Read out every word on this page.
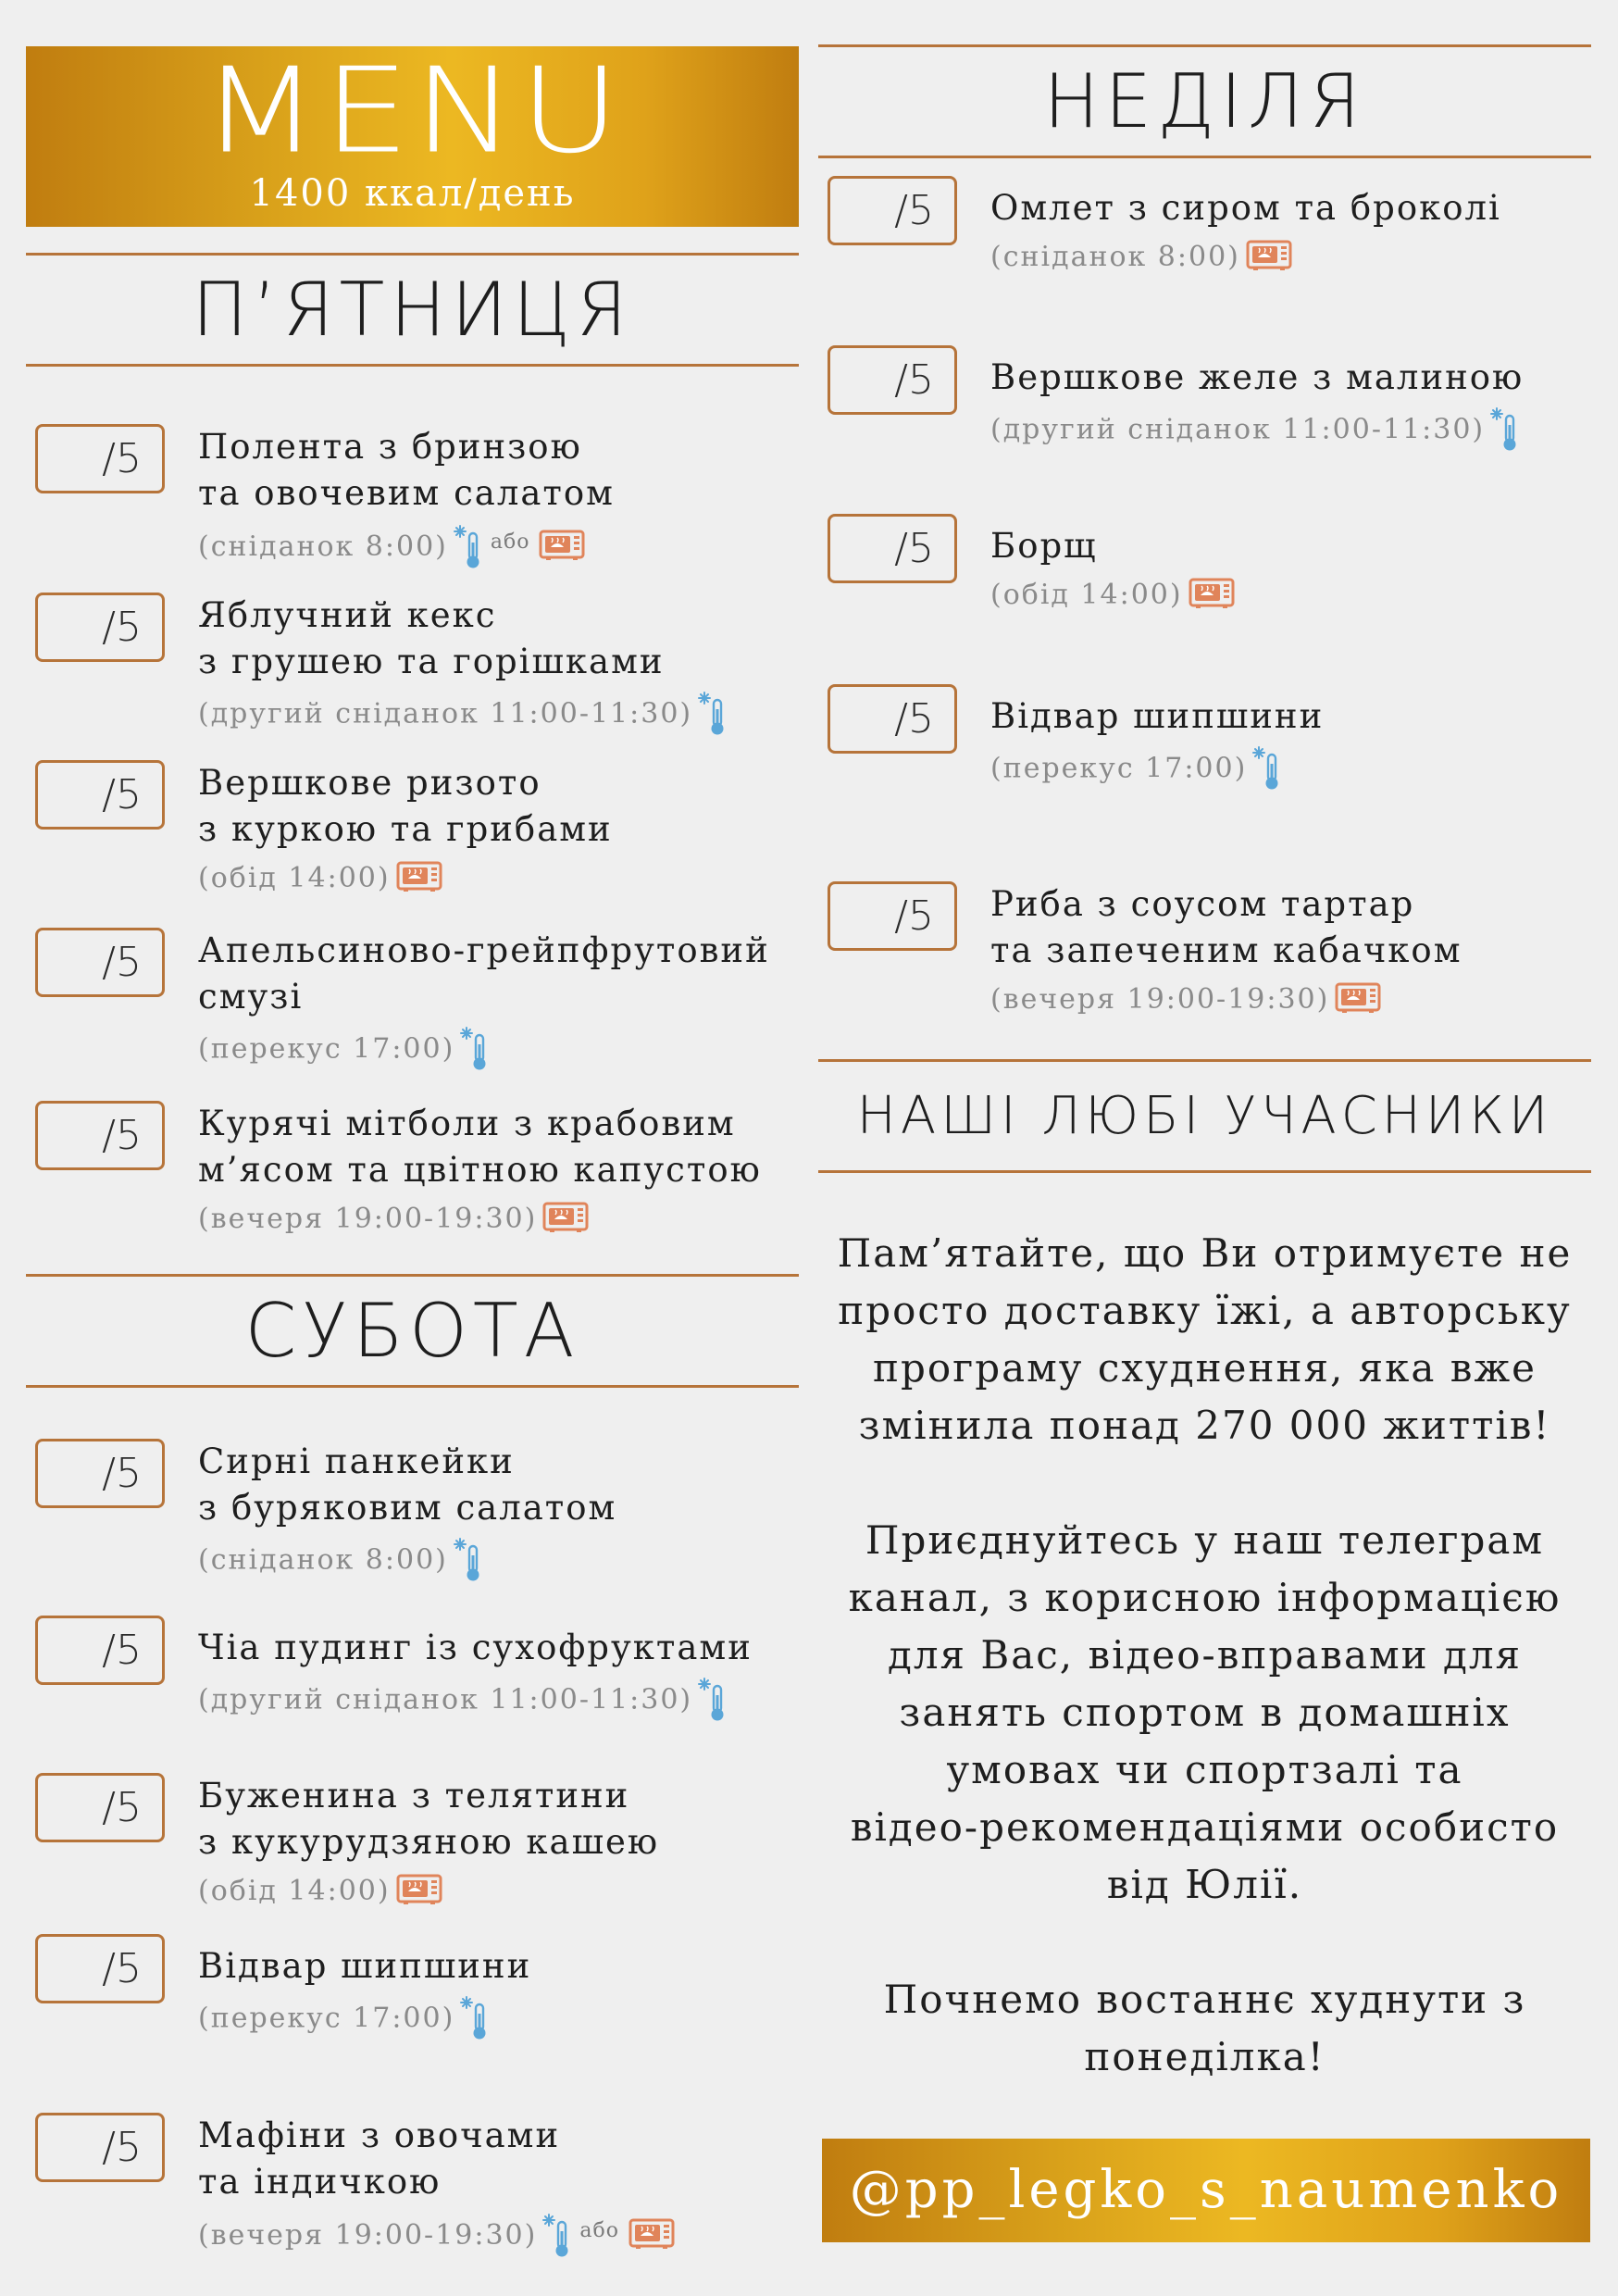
MENU
1400 ккал/день
П’ЯТНИЦЯ
/5	Полента з бринзою
та овочевим салатом
(сніданок 8:00) $^{або}$
/5	Яблучний кекс
з грушею та горішками
(другий сніданок 11:00-11:30)
/5	Вершкове ризото
з куркою та грибами
(обід 14:00)
/5	Апельсиново-грейпфрутовий
смузі
(перекус 17:00)
/5	Курячі мітболи з крабовим
м’ясом та цвітною капустою
(вечеря 19:00-19:30)
СУБОТА
/5	Сирні панкейки
з буряковим салатом
(сніданок 8:00)
/5	Чіа пудинг із сухофруктами
(другий сніданок 11:00-11:30)
/5	Буженина з телятини
з кукурудзяною кашею
(обід 14:00)
/5	Відвар шипшини
(перекус 17:00)
/5	Мафіни з овочами
та індичкою
(вечеря 19:00-19:30) $^{або}$
НЕДІЛЯ
/5	Омлет з сиром та броколі
(сніданок 8:00)
/5	Вершкове желе з малиною
(другий сніданок 11:00-11:30)
/5	Борщ
(обід 14:00)
/5	Відвар шипшини
(перекус 17:00)
/5	Риба з соусом тартар
та запеченим кабачком
(вечеря 19:00-19:30)
НАШІ ЛЮБІ УЧАСНИКИ

Пам’ятайте, що Ви отримуєте не
просто доставку їжі, а авторську
програму схуднення, яка вже
змінила понад 270 000 життів!

Приєднуйтесь у наш телеграм
канал, з корисною інформацією
для Вас, відео-вправами для
занять спортом в домашніх
умовах чи спортзалі та
відео-рекомендаціями особисто
від Юлії.

Почнемо востаннє худнути з
понеділка!

@pp_legko_s_naumenko
